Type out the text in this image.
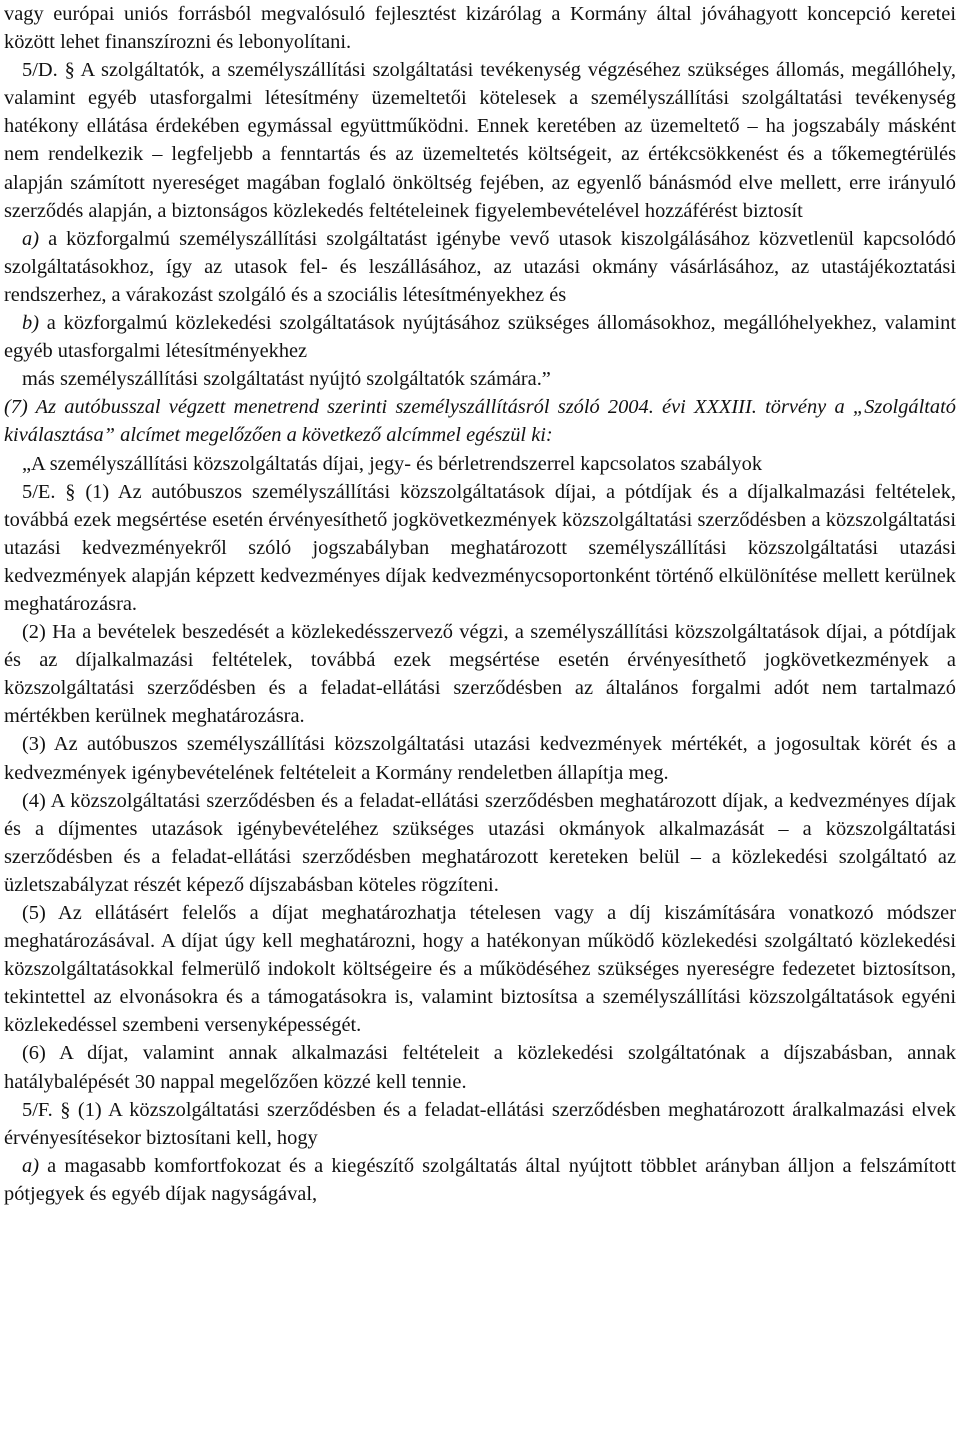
vagy európai uniós forrásból megvalósuló fejlesztést kizárólag a Kormány által jóváhagyott koncepció keretei között lehet finanszírozni és lebonyolítani.

5/D. § A szolgáltatók, a személyszállítási szolgáltatási tevékenység végzéséhez szükséges állomás, megállóhely, valamint egyéb utasforgalmi létesítmény üzemeltetői kötelesek a személyszállítási szolgáltatási tevékenység hatékony ellátása érdekében egymással együttműködni. Ennek keretében az üzemeltető – ha jogszabály másként nem rendelkezik – legfeljebb a fenntartás és az üzemeltetés költségeit, az értékcsökkenést és a tőkemegtérülés alapján számított nyereséget magában foglaló önköltség fejében, az egyenlő bánásmód elve mellett, erre irányuló szerződés alapján, a biztonságos közlekedés feltételeinek figyelembevételével hozzáférést biztosít

a) a közforgalmú személyszállítási szolgáltatást igénybe vevő utasok kiszolgálásához közvetlenül kapcsolódó szolgáltatásokhoz, így az utasok fel- és leszállásához, az utazási okmány vásárlásához, az utastájékoztatási rendszerhez, a várakozást szolgáló és a szociális létesítményekhez és

b) a közforgalmú közlekedési szolgáltatások nyújtásához szükséges állomásokhoz, megállóhelyekhez, valamint egyéb utasforgalmi létesítményekhez

más személyszállítási szolgáltatást nyújtó szolgáltatók számára.”

(7) Az autóbusszal végzett menetrend szerinti személyszállításról szóló 2004. évi XXXIII. törvény a „Szolgáltató kiválasztása” alcímet megelőzően a következő alcímmel egészül ki:

„A személyszállítási közszolgáltatás díjai, jegy- és bérletrendszerrel kapcsolatos szabályok

5/E. § (1) Az autóbuszos személyszállítási közszolgáltatások díjai, a pótdíjak és a díjalkalmazási feltételek, továbbá ezek megsértése esetén érvényesíthető jogkövetkezmények közszolgáltatási szerződésben a közszolgáltatási utazási kedvezményekről szóló jogszabályban meghatározott személyszállítási közszolgáltatási utazási kedvezmények alapján képzett kedvezményes díjak kedvezménycsoportonként történő elkülönítése mellett kerülnek meghatározásra.

(2) Ha a bevételek beszedését a közlekedésszervező végzi, a személyszállítási közszolgáltatások díjai, a pótdíjak és az díjalkalmazási feltételek, továbbá ezek megsértése esetén érvényesíthető jogkövetkezmények a közszolgáltatási szerződésben és a feladat-ellátási szerződésben az általános forgalmi adót nem tartalmazó mértékben kerülnek meghatározásra.

(3) Az autóbuszos személyszállítási közszolgáltatási utazási kedvezmények mértékét, a jogosultak körét és a kedvezmények igénybevételének feltételeit a Kormány rendeletben állapítja meg.

(4) A közszolgáltatási szerződésben és a feladat-ellátási szerződésben meghatározott díjak, a kedvezményes díjak és a díjmentes utazások igénybevételéhez szükséges utazási okmányok alkalmazását – a közszolgáltatási szerződésben és a feladat-ellátási szerződésben meghatározott kereteken belül – a közlekedési szolgáltató az üzletszabályzat részét képező díjszabásban köteles rögzíteni.

(5) Az ellátásért felelős a díjat meghatározhatja tételesen vagy a díj kiszámítására vonatkozó módszer meghatározásával. A díjat úgy kell meghatározni, hogy a hatékonyan működő közlekedési szolgáltató közlekedési közszolgáltatásokkal felmerülő indokolt költségeire és a működéséhez szükséges nyereségre fedezetet biztosítson, tekintettel az elvonásokra és a támogatásokra is, valamint biztosítsa a személyszállítási közszolgáltatások egyéni közlekedéssel szembeni versenyképességét.

(6) A díjat, valamint annak alkalmazási feltételeit a közlekedési szolgáltatónak a díjszabásban, annak hatálybalépését 30 nappal megelőzően közzé kell tennie.

5/F. § (1) A közszolgáltatási szerződésben és a feladat-ellátási szerződésben meghatározott áralkalmazási elvek érvényesítésekor biztosítani kell, hogy

a) a magasabb komfortfokozat és a kiegészítő szolgáltatás által nyújtott többlet arányban álljon a felszámított pótjegyek és egyéb díjak nagyságával,
